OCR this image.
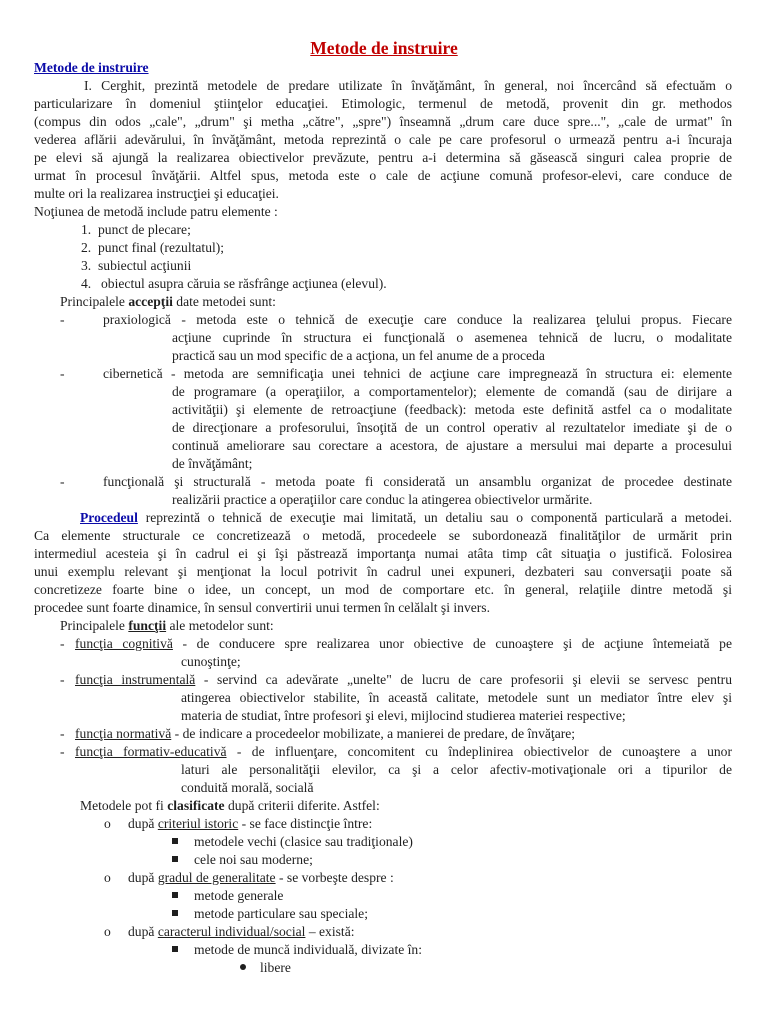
Metode de instruire
Metode de instruire
I. Cerghit, prezintă metodele de predare utilizate în învăţământ, în general, noi încercând să efectuăm o
particularizare în domeniul ştiinţelor educaţiei. Etimologic, termenul de metodă, provenit din gr. methodos
(compus din odos „cale", „drum" şi metha „către", „spre") înseamnă „drum care duce spre...", „cale de urmat" în
vederea aflării adevărului, în învăţământ, metoda reprezintă o cale pe care profesorul o urmează pentru a-i încuraja
pe elevi să ajungă la realizarea obiectivelor prevăzute, pentru a-i determina să găsească singuri calea proprie de
urmat în procesul învăţării. Altfel spus, metoda este o cale de acţiune comună profesor-elevi, care conduce de
multe ori la realizarea instrucţiei şi educaţiei.
Noţiunea de metodă include patru elemente :
1. punct de plecare;
2. punct final (rezultatul);
3. subiectul acţiunii
4. obiectul asupra căruia se răsfrânge acţiunea (elevul).
Principalele accepţii date metodei sunt:
-	praxiologică - metoda este o tehnică de execuţie care conduce la realizarea ţelului propus. Fiecare
acţiune cuprinde în structura ei funcţională o asemenea tehnică de lucru, o modalitate
practică sau un mod specific de a acţiona, un fel anume de a proceda
-	cibernetică - metoda are semnificaţia unei tehnici de acţiune care impregnează în structura ei: elemente
de programare (a operaţiilor, a comportamentelor); elemente de comandă (sau de dirijare a
activităţii) şi elemente de retroacţiune (feedback): metoda este definită astfel ca o modalitate
de direcţionare a profesorului, însoţită de un control operativ al rezultatelor imediate şi de o
continuă ameliorare sau corectare a acestora, de ajustare a mersului mai departe a procesului
de învăţământ;
-	funcţională şi structurală - metoda poate fi considerată un ansamblu organizat de procedee destinate
realizării practice a operaţiilor care conduc la atingerea obiectivelor urmărite.
Procedeul reprezintă o tehnică de execuţie mai limitată, un detaliu sau o componentă particulară a metodei.
Ca elemente structurale ce concretizează o metodă, procedeele se subordonează finalităţilor de urmărit prin
intermediul acesteia şi în cadrul ei şi îşi păstrează importanţa numai atâta timp cât situaţia o justifică. Folosirea
unui exemplu relevant şi menţionat la locul potrivit în cadrul unei expuneri, dezbateri sau conversaţii poate să
concretizeze foarte bine o idee, un concept, un mod de comportare etc. în general, relaţiile dintre metodă şi
procedee sunt foarte dinamice, în sensul convertirii unui termen în celălalt şi invers.
Principalele funcţii ale metodelor sunt:
- funcţia cognitivă - de conducere spre realizarea unor obiective de cunoaştere şi de acţiune întemeiată pe
cunoştinţe;
- funcţia instrumentală - servind ca adevărate „unelte" de lucru de care profesorii şi elevii se servesc pentru
atingerea obiectivelor stabilite, în această calitate, metodele sunt un mediator între elev şi
materia de studiat, între profesori şi elevi, mijlocind studierea materiei respective;
- funcţia normativă - de indicare a procedeelor mobilizate, a manierei de predare, de învăţare;
- funcţia formativ-educativă - de influenţare, concomitent cu îndeplinirea obiectivelor de cunoaştere a unor
laturi ale personalităţii elevilor, ca şi a celor afectiv-motivaţionale ori a tipurilor de
conduită morală, socială
Metodele pot fi clasificate după criterii diferite. Astfel:
o după criteriul istoric - se face distincţie între:
metodele vechi (clasice sau tradiţionale)
cele noi sau moderne;
o după gradul de generalitate - se vorbeşte despre :
metode generale
metode particulare sau speciale;
o după caracterul individual/social – există:
metode de muncă individuală, divizate în:
libere
